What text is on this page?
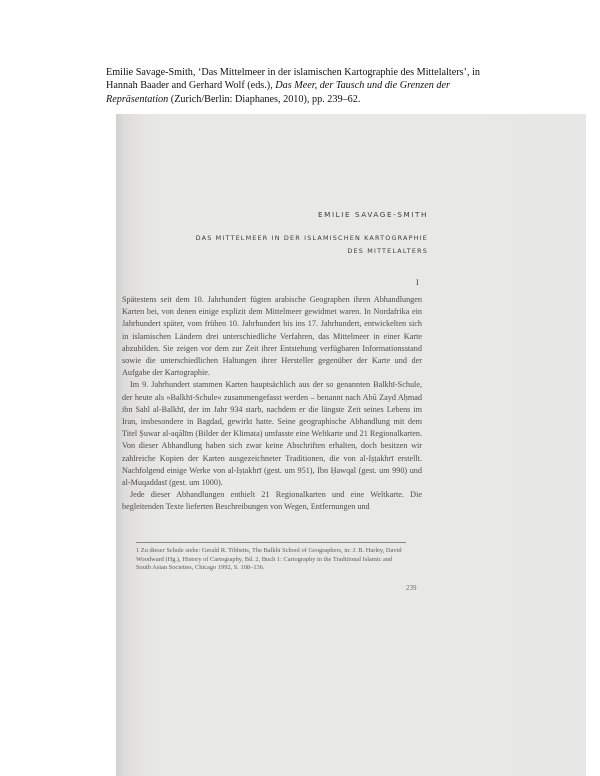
Emilie Savage-Smith, ‘Das Mittelmeer in der islamischen Kartographie des Mittelalters’, in Hannah Baader and Gerhard Wolf (eds.), Das Meer, der Tausch und die Grenzen der Repräsentation (Zurich/Berlin: Diaphanes, 2010), pp. 239–62.
EMILIE SAVAGE-SMITH
DAS MITTELMEER IN DER ISLAMISCHEN KARTOGRAPHIE
DES MITTELALTERS
I

Spätestens seit dem 10. Jahrhundert fügten arabische Geographen ihren Abhandlungen Karten bei, von denen einige explizit dem Mittelmeer gewidmet waren. In Nordafrika ein Jahrhundert später, vom frühen 10. Jahrhundert bis ins 17. Jahrhundert, entwickelten sich in islamischen Ländern drei unterschiedliche Verfahren, das Mittelmeer in einer Karte abzubilden. Sie zeigen vor dem zur Zeit ihrer Entstehung verfügbaren Informationsstand sowie die unterschiedlichen Haltungen ihrer Hersteller gegenüber der Karte und der Aufgabe der Kartographie.

Im 9. Jahrhundert stammen Karten hauptsächlich aus der so genannten Balkhī-Schule, der heute als »Balkhī-Schule« zusammengefasst werden – benannt nach Abū Zayd Aḥmad ibn Sahl al-Balkhī, der im Jahr 934 starb, nachdem er die längste Zeit seines Lebens im Iran, insbesondere in Bagdad, gewirkt hatte. Seine geographische Abhandlung mit dem Titel Ṣuwar al-aqālīm (Bilder der Klimata) umfasste eine Weltkarte und 21 Regionalkarten. Von dieser Abhandlung haben sich zwar keine Abschriften erhalten, doch besitzen wir zahlreiche Kopien der Karten ausgezeichneter Traditionen, die von al-Iṣṭakhrī erstellt. Nachfolgend einige Werke von al-Iṣṭakhrī (gest. um 951), Ibn Ḥawqal (gest. um 990) und al-Muqaddasī (gest. um 1000).

Jede dieser Abhandlungen enthielt 21 Regionalkarten und eine Weltkarte. Die begleitenden Texte lieferten Beschreibungen von Wegen, Entfernungen und

1 Zu dieser Schule siehe: Gerald R. Tibbetts, The Balkhī School of Geographers, in: J. B. Harley, David Woodward (Hg.), History of Cartography, Bd. 2, Buch 1: Cartography in the Traditional Islamic and South Asian Societies, Chicago 1992, S. 108–136.
239
